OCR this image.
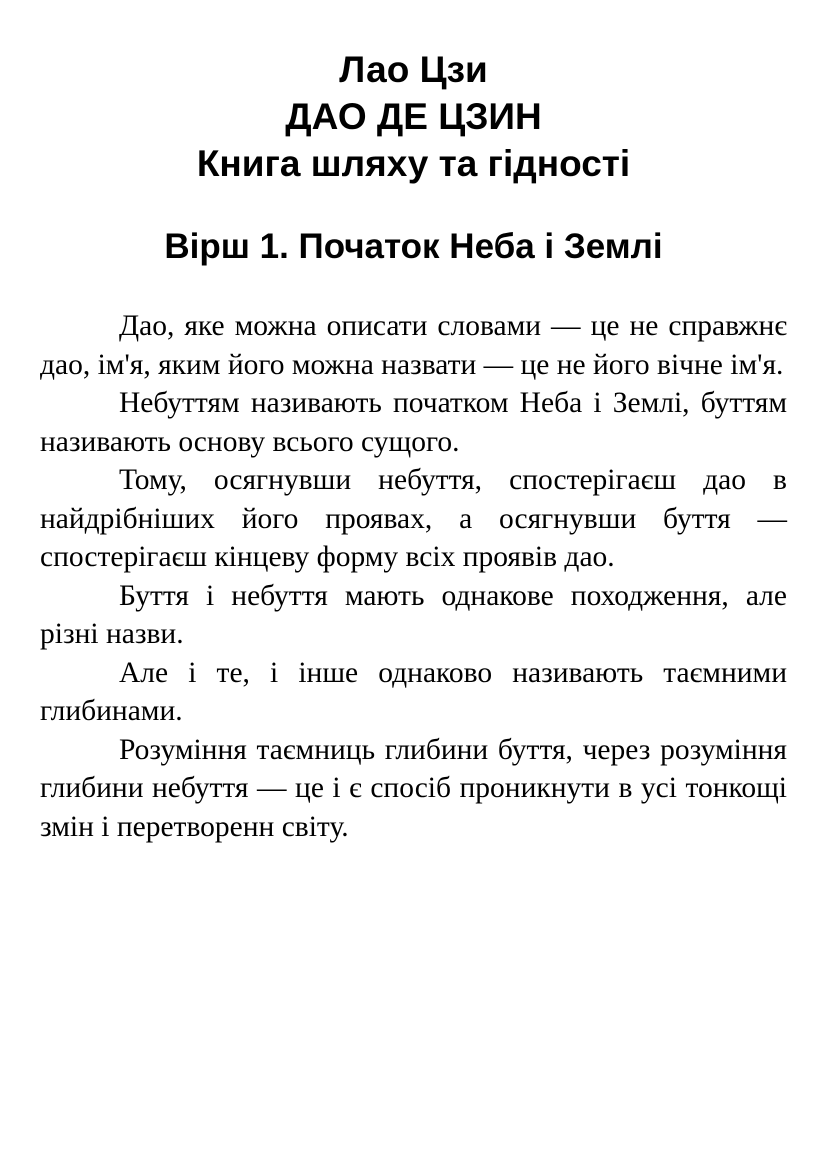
Лао Цзи
ДАО ДЕ ЦЗИН
Книга шляху та гідності
Вірш 1. Початок Неба і Землі

Дао, яке можна описати словами — це не справжнє дао, ім'я, яким його можна назвати — це не його вічне ім'я.

Небуттям називають початком Неба і Землі, буттям називають основу всього сущого.

Тому, осягнувши небуття, спостерігаєш дао в найдрібніших його проявах, а осягнувши буття — спостерігаєш кінцеву форму всіх проявів дао.

Буття і небуття мають однакове походження, але різні назви.

Але і те, і інше однаково називають таємними глибинами.

Розуміння таємниць глибини буття, через розуміння глибини небуття — це і є спосіб проникнути в усі тонкощі змін і перетворенн світу.
